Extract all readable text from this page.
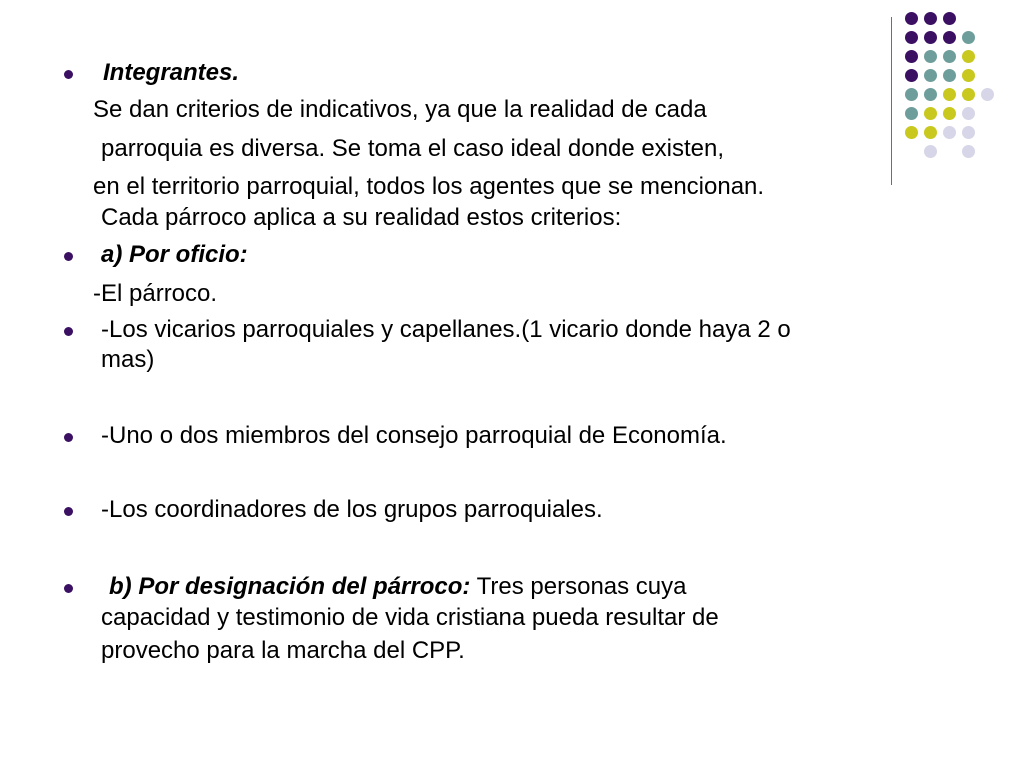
Integrantes.
Se dan criterios de indicativos, ya que la realidad de cada
parroquia es diversa. Se toma el caso ideal donde existen,
en el territorio parroquial, todos los agentes que se mencionan.
Cada párroco aplica a su realidad estos criterios:
a) Por oficio:
-El párroco.
-Los vicarios parroquiales y capellanes.(1 vicario donde haya 2 o
mas)
-Uno o dos miembros del consejo parroquial de Economía.
-Los coordinadores de los grupos parroquiales.
b) Por designación del párroco: Tres personas cuya
capacidad y testimonio de vida cristiana pueda resultar de
provecho para la marcha del CPP.
